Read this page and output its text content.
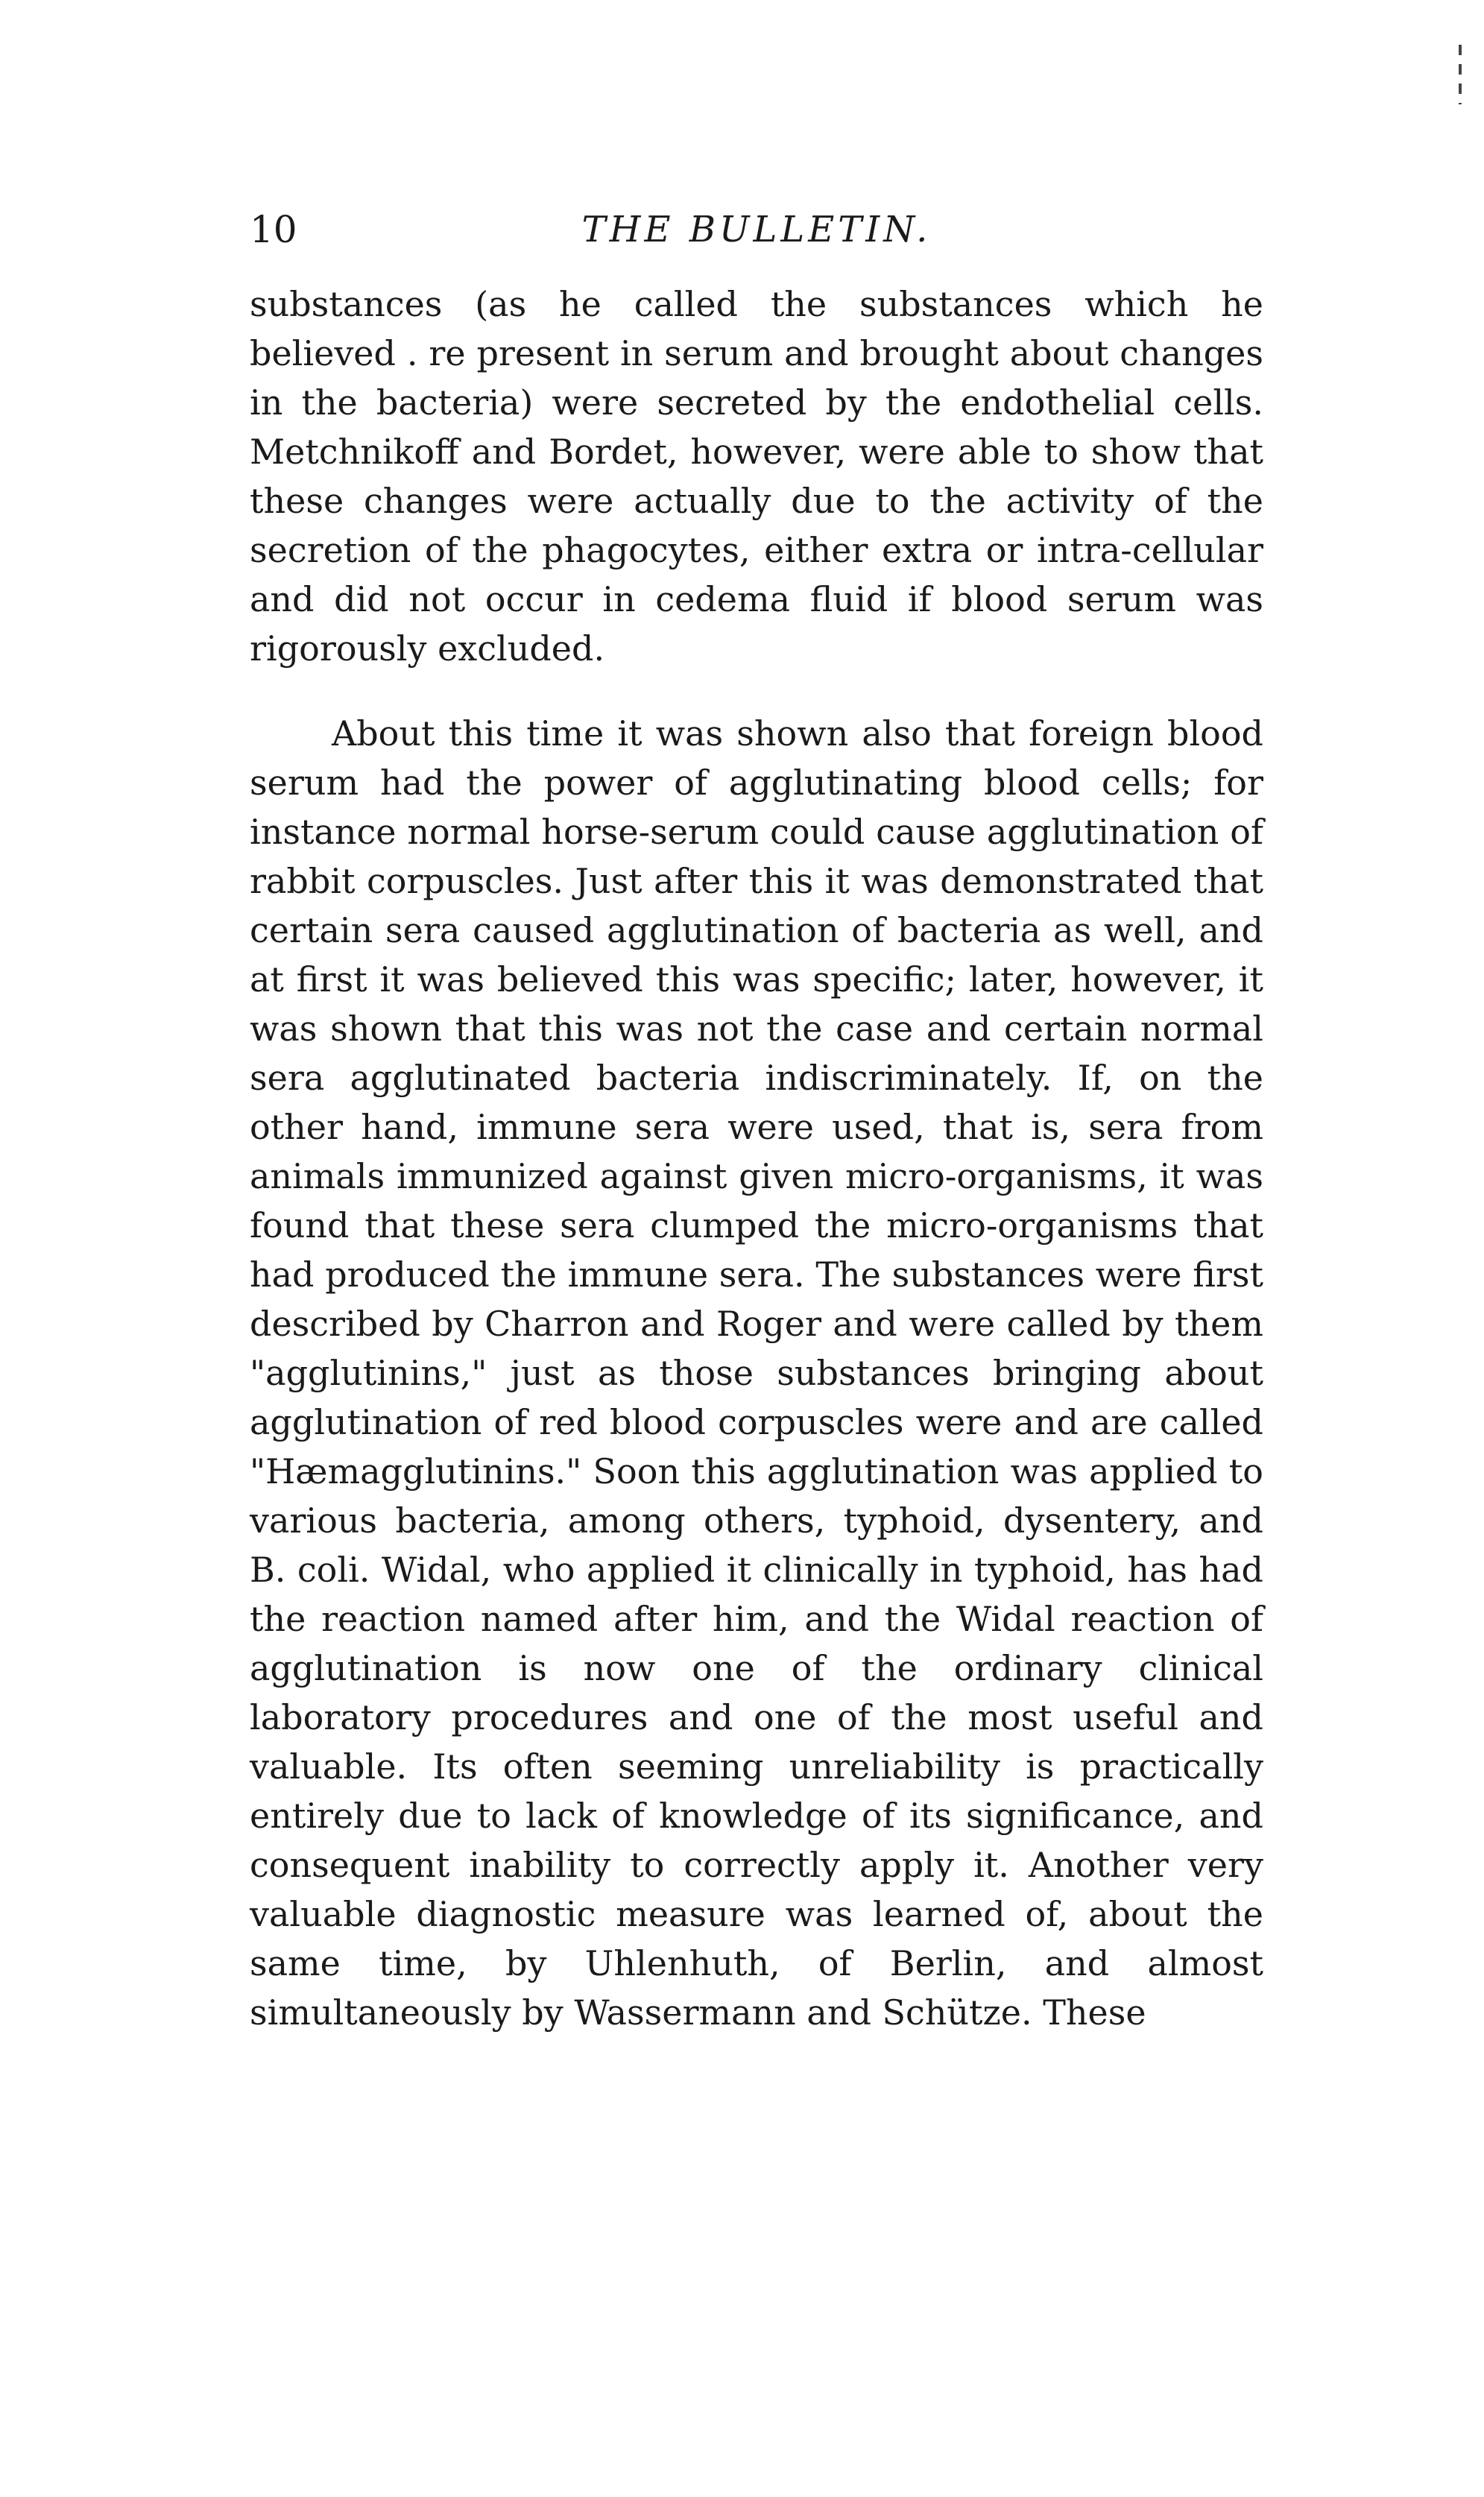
10	THE BULLETIN.

substances (as he called the substances which he believed . re present in serum and brought about changes in the bacteria) were secreted by the endothelial cells. Metchnikoff and Bordet, however, were able to show that these changes were actually due to the activity of the secretion of the phagocytes, either extra or intra-cellular and did not occur in cedema fluid if blood serum was rigorously excluded.

About this time it was shown also that foreign blood serum had the power of agglutinating blood cells; for instance normal horse-serum could cause agglutination of rabbit corpuscles. Just after this it was demonstrated that certain sera caused agglutination of bacteria as well, and at first it was believed this was specific; later, however, it was shown that this was not the case and certain normal sera agglutinated bacteria indiscriminately. If, on the other hand, immune sera were used, that is, sera from animals immunized against given micro-organisms, it was found that these sera clumped the micro-organisms that had produced the immune sera. The substances were first described by Charron and Roger and were called by them "agglutinins," just as those substances bringing about agglutination of red blood corpuscles were and are called "Hæmagglutinins." Soon this agglutination was applied to various bacteria, among others, typhoid, dysentery, and B. coli. Widal, who applied it clinically in typhoid, has had the reaction named after him, and the Widal reaction of agglutination is now one of the ordinary clinical laboratory procedures and one of the most useful and valuable. Its often seeming unreliability is practically entirely due to lack of knowledge of its significance, and consequent inability to correctly apply it. Another very valuable diagnostic measure was learned of, about the same time, by Uhlenhuth, of Berlin, and almost simultaneously by Wassermann and Schütze. These
